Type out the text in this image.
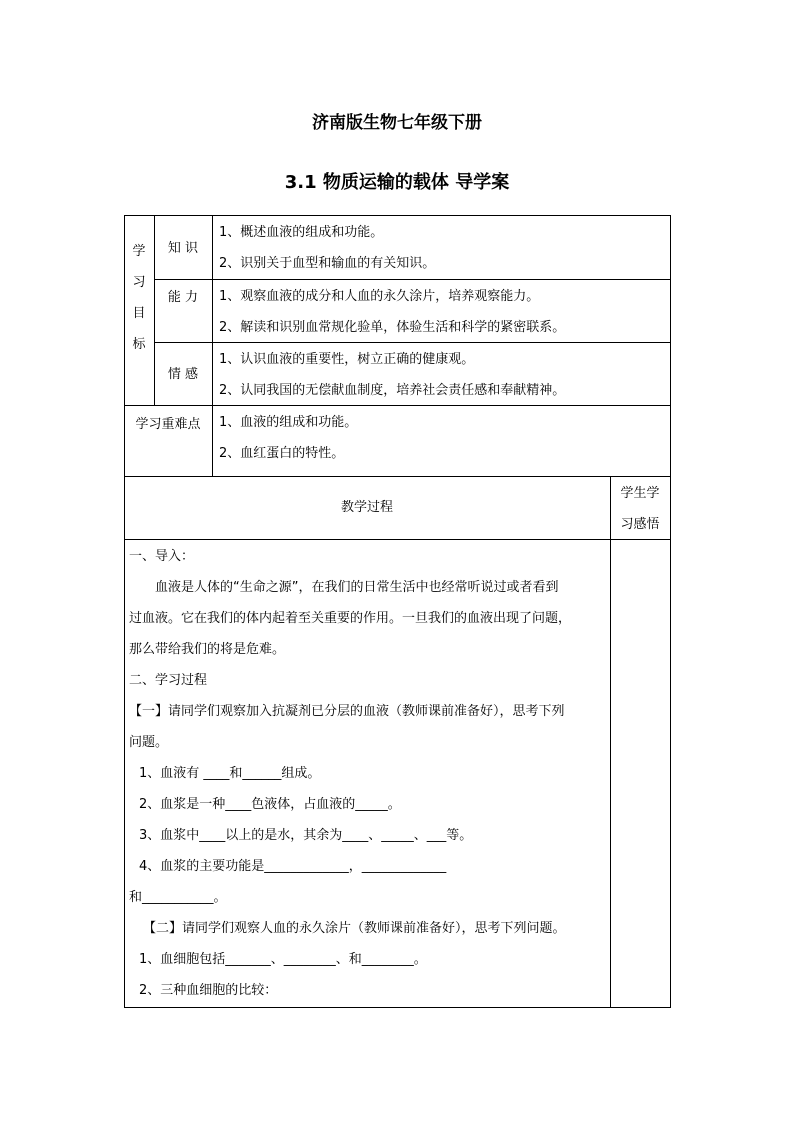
济南版生物七年级下册
3.1 物质运输的载体 导学案
学
习
目
标
知 识
1、概述血液的组成和功能。
2、识别关于血型和输血的有关知识。
能 力	1、观察血液的成分和人血的永久涂片，培养观察能力。
2、解读和识别血常规化验单，体验生活和科学的紧密联系。
情 感
1、认识血液的重要性，树立正确的健康观。
2、认同我国的无偿献血制度，培养社会责任感和奉献精神。
学习重难点	1、血液的组成和功能。
2、血红蛋白的特性。
教学过程
学生学
习感悟
一、导入：
血液是人体的“生命之源”，在我们的日常生活中也经常听说过或者看到
过血液。它在我们的体内起着至关重要的作用。一旦我们的血液出现了问题，
那么带给我们的将是危难。
二、学习过程
【一】请同学们观察加入抗凝剂已分层的血液（教师课前准备好），思考下列
问题。
1、血液有 ____和______组成。
2、血浆是一种____色液体，占血液的_____。
3、血浆中____以上的是水，其余为____、_____、___等。
4、血浆的主要功能是_____________，_____________
和___________。
【二】请同学们观察人血的永久涂片（教师课前准备好），思考下列问题。
1、血细胞包括_______、________、和________。
2、三种血细胞的比较：
